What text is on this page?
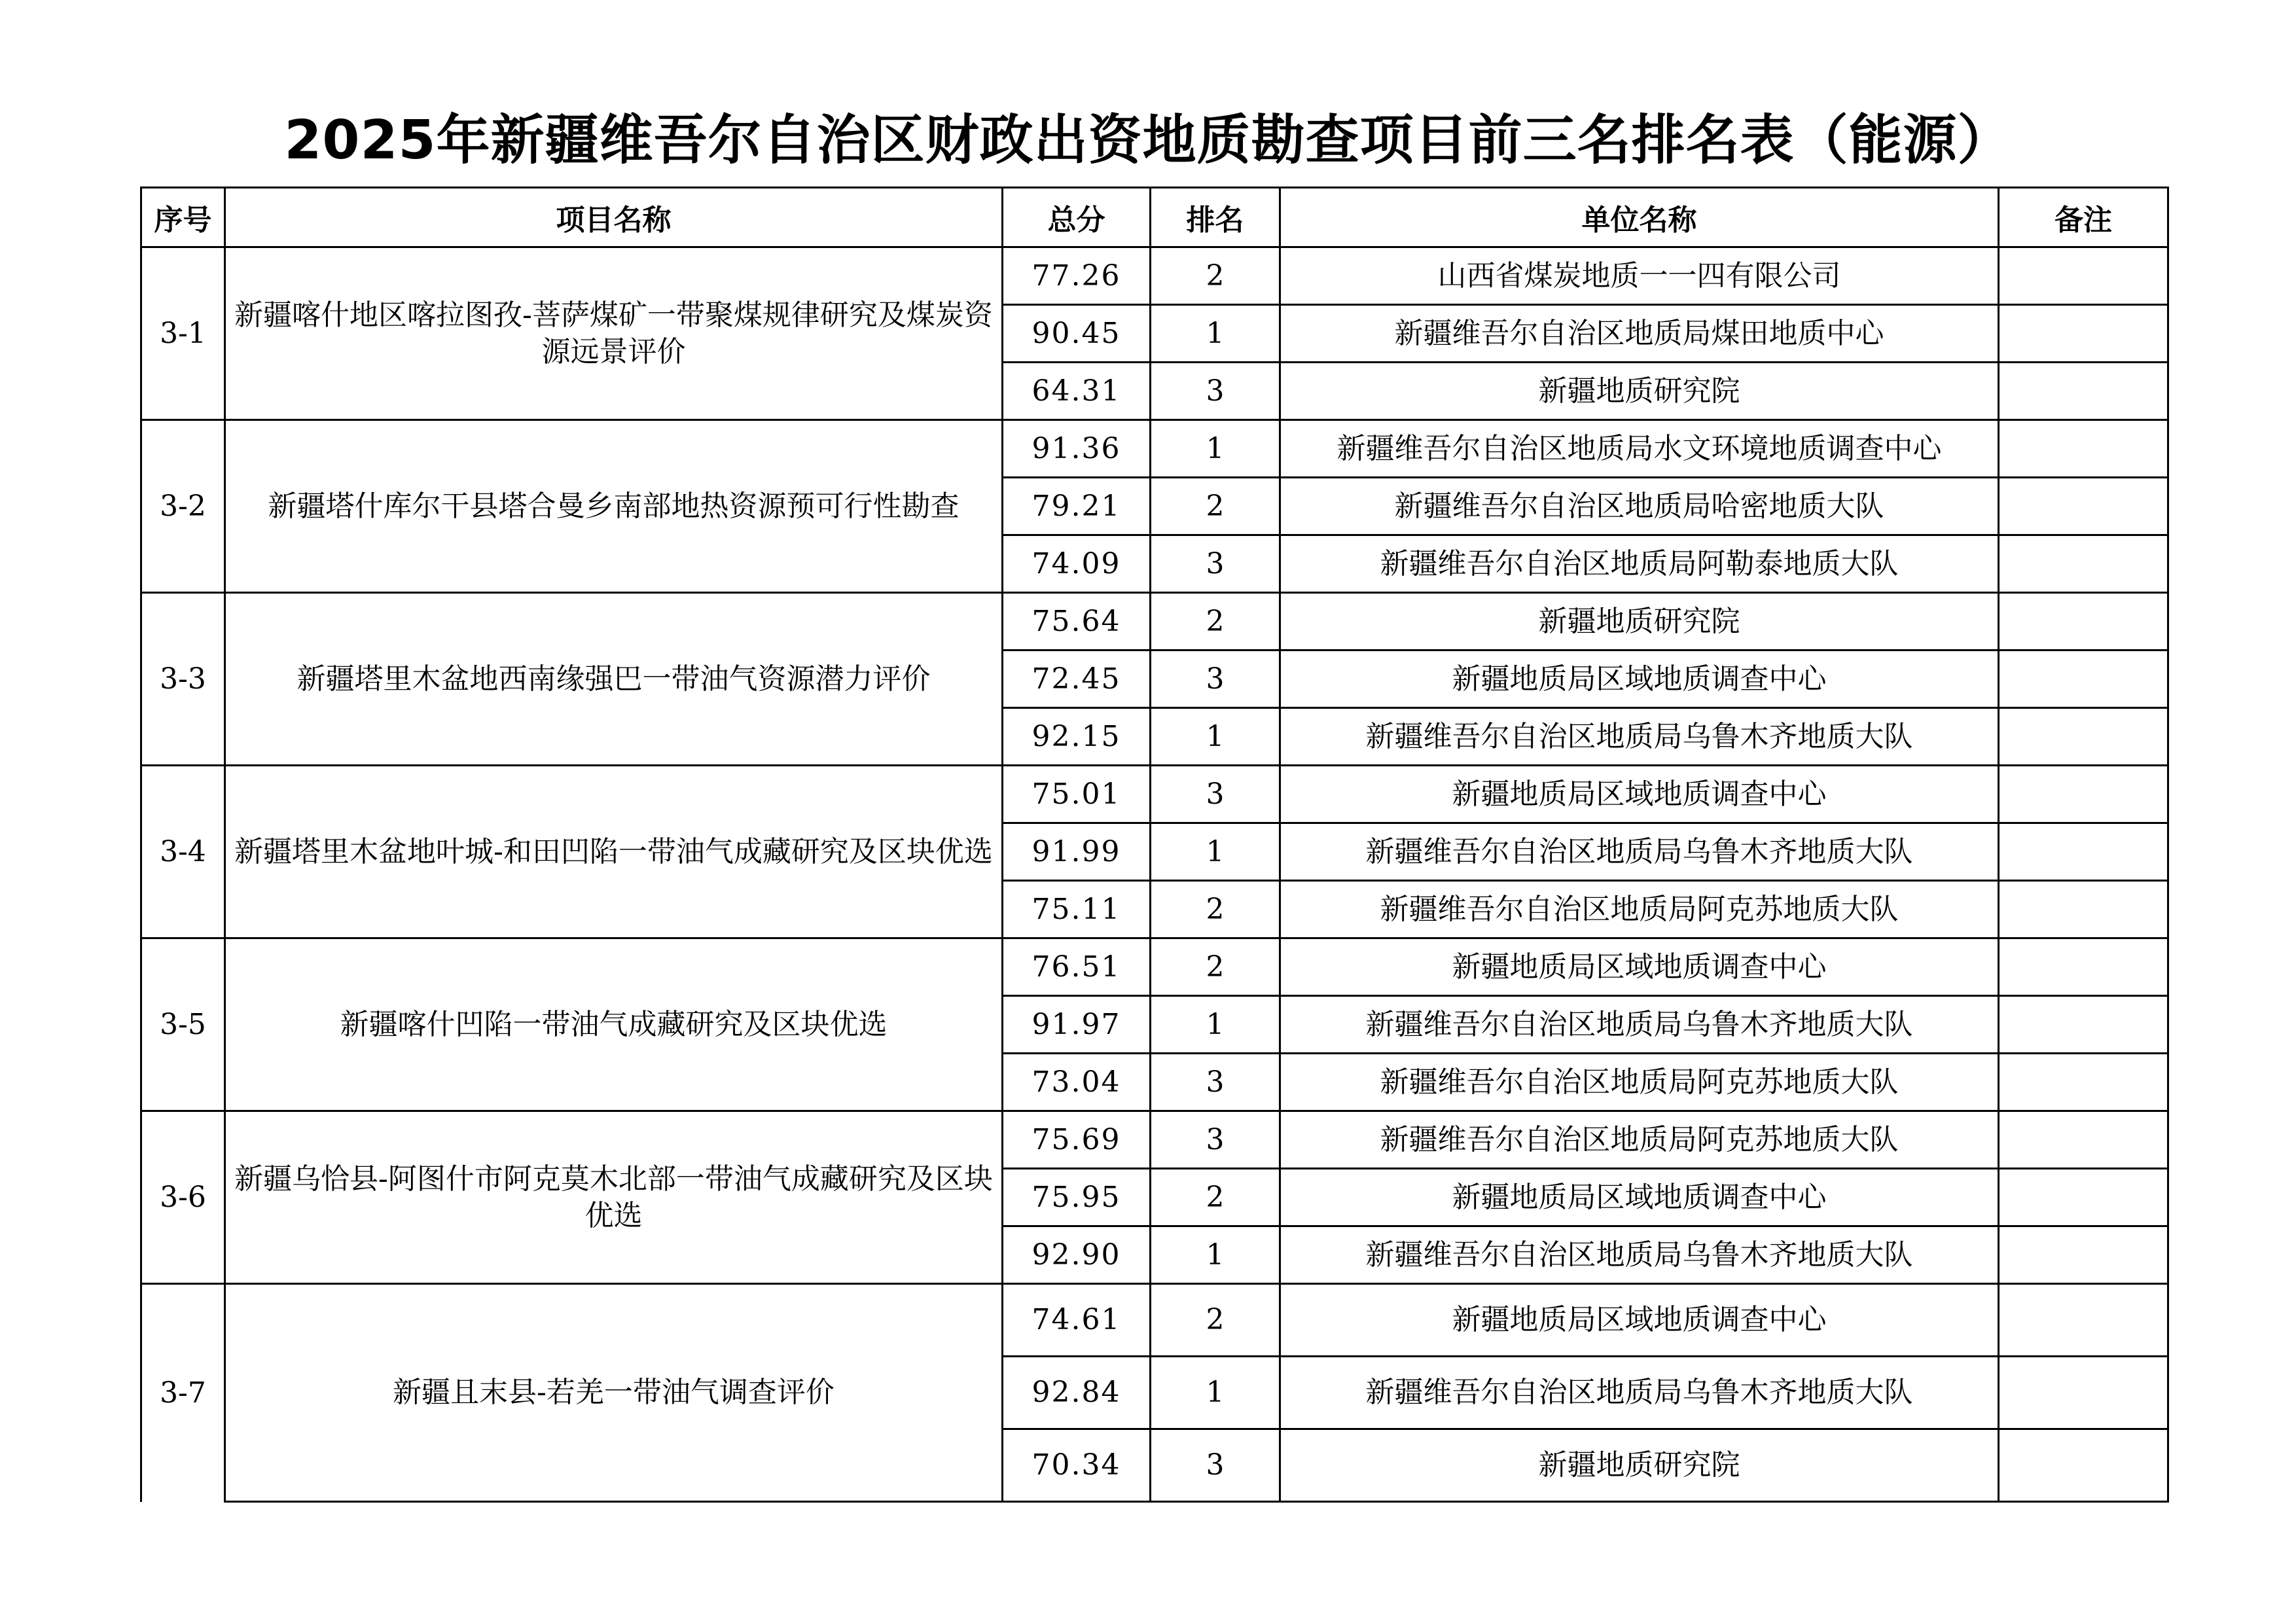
2025年新疆维吾尔自治区财政出资地质勘查项目前三名排名表（能源）
序号	项目名称	总分	排名	单位名称	备注
3-1	新疆喀什地区喀拉图孜-菩萨煤矿一带聚煤规律研究及煤炭资源远景评价	77.26	2	山西省煤炭地质一一四有限公司	
		90.45	1	新疆维吾尔自治区地质局煤田地质中心	
		64.31	3	新疆地质研究院	
3-2	新疆塔什库尔干县塔合曼乡南部地热资源预可行性勘查	91.36	1	新疆维吾尔自治区地质局水文环境地质调查中心	
		79.21	2	新疆维吾尔自治区地质局哈密地质大队	
		74.09	3	新疆维吾尔自治区地质局阿勒泰地质大队	
3-3	新疆塔里木盆地西南缘强巴一带油气资源潜力评价	75.64	2	新疆地质研究院	
		72.45	3	新疆地质局区域地质调查中心	
		92.15	1	新疆维吾尔自治区地质局乌鲁木齐地质大队	
3-4	新疆塔里木盆地叶城-和田凹陷一带油气成藏研究及区块优选	75.01	3	新疆地质局区域地质调查中心	
		91.99	1	新疆维吾尔自治区地质局乌鲁木齐地质大队	
		75.11	2	新疆维吾尔自治区地质局阿克苏地质大队	
3-5	新疆喀什凹陷一带油气成藏研究及区块优选	76.51	2	新疆地质局区域地质调查中心	
		91.97	1	新疆维吾尔自治区地质局乌鲁木齐地质大队	
		73.04	3	新疆维吾尔自治区地质局阿克苏地质大队	
3-6	新疆乌恰县-阿图什市阿克莫木北部一带油气成藏研究及区块优选	75.69	3	新疆维吾尔自治区地质局阿克苏地质大队	
		75.95	2	新疆地质局区域地质调查中心	
		92.90	1	新疆维吾尔自治区地质局乌鲁木齐地质大队	
3-7	新疆且末县-若羌一带油气调查评价	74.61	2	新疆地质局区域地质调查中心	
		92.84	1	新疆维吾尔自治区地质局乌鲁木齐地质大队	
		70.34	3	新疆地质研究院	
